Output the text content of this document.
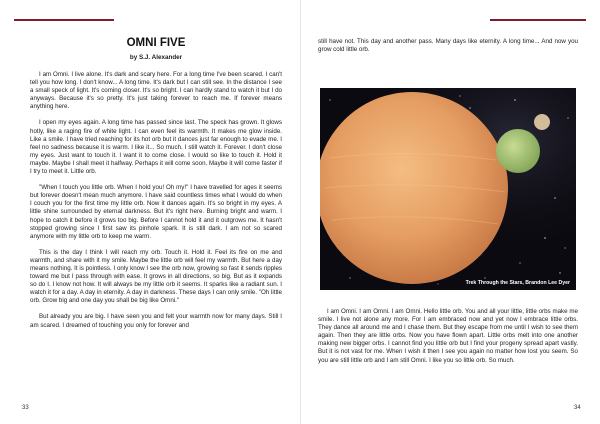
OMNI FIVE
by S.J. Alexander

I am Omni. I live alone. It's dark and scary here. For a long time I've been scared. I can't tell you how long. I don't know... A long time. It's dark but I can still see. In the distance I see a small speck of light. It's coming closer. It's so bright. I can hardly stand to watch it but I do anyways. Because it's so pretty. It's just taking forever to reach me. If forever means anything here.

I open my eyes again. A long time has passed since last. The speck has grown. It glows hotly, like a raging fire of white light. I can even feel its warmth. It makes me glow inside. Like a smile. I have tried reaching for its hot orb but it dances just far enough to evade me. I feel no sadness because it is warm. I like it... So much. I still watch it. Forever. I don't close my eyes. Just want to touch it. I want it to come close. I would so like to touch it. Hold it maybe. Maybe I shall meet it halfway. Perhaps it will come soon. Maybe it will come faster if I try to meet it. Little orb.

"When I touch you little orb. When I hold you! Oh my!" I have travelled for ages it seems but forever doesn't mean much anymore. I have said countless times what I would do when I couch you for the first time my little orb. Now it dances again. It's so bright in my eyes. A little shine surrounded by eternal darkness. But it's right here. Burning bright and warm. I hope to catch it before it grows too big. Before I cannot hold it and it outgrows me. It hasn't stopped growing since I first saw its pinhole spark. It is still dark. I am not so scared anymore with my little orb to keep me warm.

This is the day I think I will reach my orb. Touch it. Hold it. Feel its fire on me and warmth, and share with it my smile. Maybe the little orb will feel my warmth. But here a day means nothing. It is pointless. I only know I see the orb now, growing so fast it sends ripples toward me but I pass through with ease. It grows in all directions, so big. But as it expands so do I. I know not how. It will always be my little orb it seems. It sparks like a radiant sun. I watch it for a day. A day in eternity. A day in darkness. These days I can only smile. "Oh little orb. Grow big and one day you shall be big like Omni."

But already you are big. I have seen you and felt your warmth now for many days. Still I am scared. I dreamed of touching you only for forever and

still have not. This day and another pass. Many days like eternity. A long time... And now you grow cold little orb.

Trek Through the Stars, Brandon Lee Dyer

I am Omni. I am Omni. I am Omni. Hello little orb. You and all your little, little orbs make me smile. I live not alone any more. For I am embraced now and yet now I embrace little orbs. They dance all around me and I chase them. But they escape from me until I wish to see them again. Then they are little orbs. Now you have flown apart. Little orbs melt into one another making new bigger orbs. I cannot find you little orb but I find your progeny spread apart vastly. But it is not vast for me. When I wish it then I see you again no matter how lost you seem. So you are still little orb and I am still Omni. I like you so little orb. So much.

33	34
